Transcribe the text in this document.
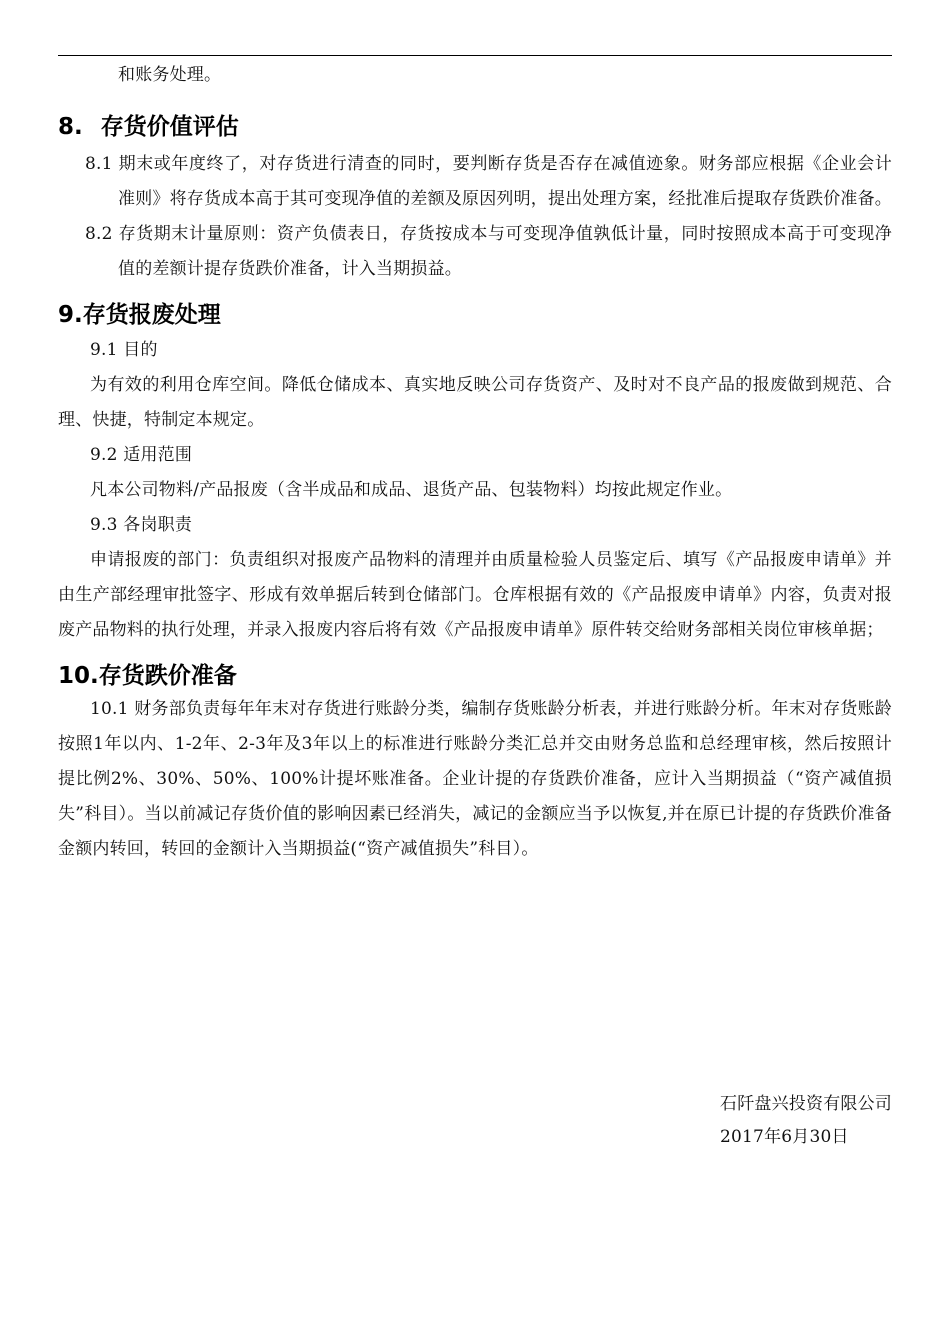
和账务处理。

8. 存货价值评估

8.1 期末或年度终了，对存货进行清查的同时，要判断存货是否存在减值迹象。财务部应根据《企业会计准则》将存货成本高于其可变现净值的差额及原因列明，提出处理方案，经批准后提取存货跌价准备。

8.2 存货期末计量原则：资产负债表日，存货按成本与可变现净值孰低计量，同时按照成本高于可变现净值的差额计提存货跌价准备，计入当期损益。

9.存货报废处理

9.1 目的

为有效的利用仓库空间。降低仓储成本、真实地反映公司存货资产、及时对不良产品的报废做到规范、合理、快捷，特制定本规定。

9.2 适用范围

凡本公司物料/产品报废（含半成品和成品、退货产品、包装物料）均按此规定作业。

9.3 各岗职责

申请报废的部门：负责组织对报废产品物料的清理并由质量检验人员鉴定后、填写《产品报废申请单》并由生产部经理审批签字、形成有效单据后转到仓储部门。仓库根据有效的《产品报废申请单》内容，负责对报废产品物料的执行处理，并录入报废内容后将有效《产品报废申请单》原件转交给财务部相关岗位审核单据；

10.存货跌价准备

10.1 财务部负责每年年末对存货进行账龄分类，编制存货账龄分析表，并进行账龄分析。年末对存货账龄按照1年以内、1-2年、2-3年及3年以上的标准进行账龄分类汇总并交由财务总监和总经理审核，然后按照计提比例2%、30%、50%、100%计提坏账准备。企业计提的存货跌价准备，应计入当期损益（“资产减值损失”科目）。当以前减记存货价值的影响因素已经消失，减记的金额应当予以恢复,并在原已计提的存货跌价准备金额内转回，转回的金额计入当期损益(“资产减值损失”科目）。

石阡盘兴投资有限公司

2017年6月30日
